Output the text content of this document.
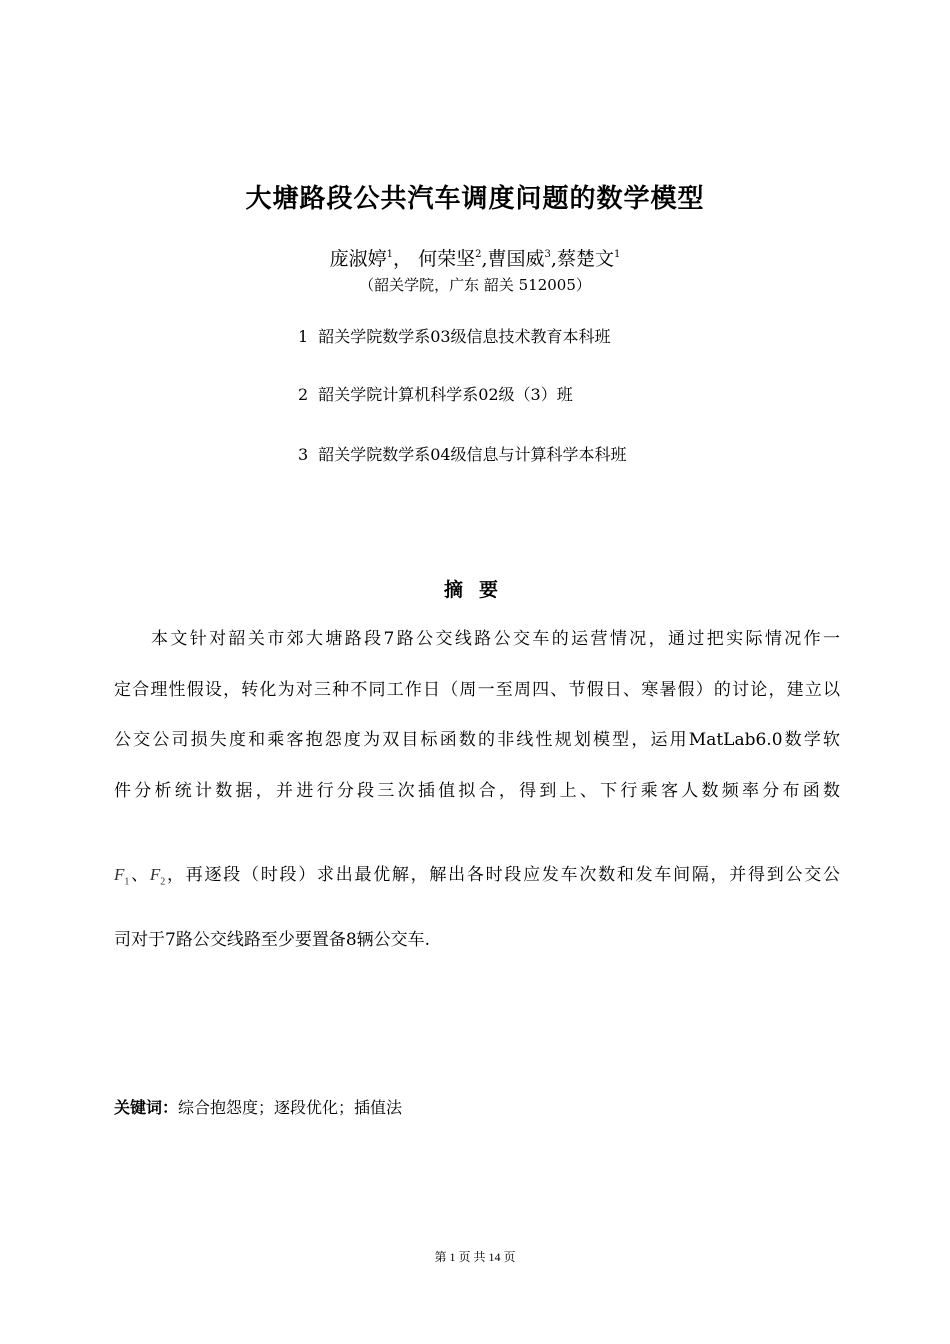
大塘路段公共汽车调度问题的数学模型
庞淑婷$^1$， 何荣坚$^2$,曹国威$^3$,蔡楚文$^1$
（韶关学院，广东 韶关 512005）
1 韶关学院数学系03级信息技术教育本科班
2 韶关学院计算机科学系02级（3）班
3 韶关学院数学系04级信息与计算科学本科班
摘要
本文针对韶关市郊大塘路段7路公交线路公交车的运营情况，通过把实际情况作一
定合理性假设，转化为对三种不同工作日（周一至周四、节假日、寒暑假）的讨论，建立以
公交公司损失度和乘客抱怨度为双目标函数的非线性规划模型，运用MatLab6.0数学软
件分析统计数据，并进行分段三次插值拟合，得到上、下行乘客人数频率分布函数
$F_1$、$F_2$，再逐段（时段）求出最优解，解出各时段应发车次数和发车间隔，并得到公交公
司对于7路公交线路至少要置备8辆公交车.
关键词：综合抱怨度；逐段优化；插值法
第 1 页 共 14 页
